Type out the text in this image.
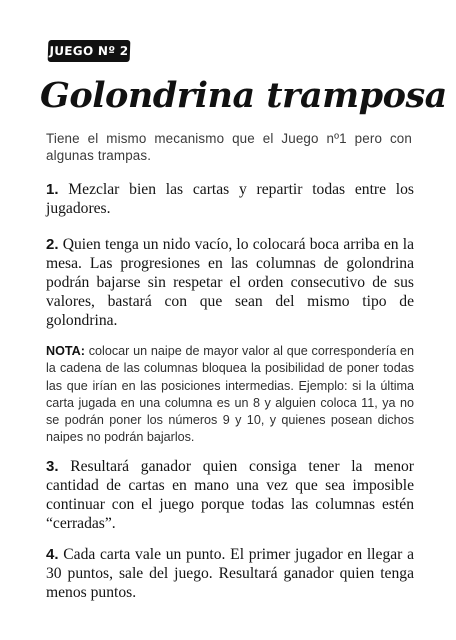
JUEGO Nº 2
Golondrina tramposa
Tiene el mismo mecanismo que el Juego nº1 pero con algunas trampas.
1. Mezclar bien las cartas y repartir todas entre los jugadores.
2. Quien tenga un nido vacío, lo colocará boca arriba en la mesa. Las progresiones en las columnas de golondrina podrán bajarse sin respetar el orden consecutivo de sus valores, bastará con que sean del mismo tipo de golondrina.
NOTA: colocar un naipe de mayor valor al que correspondería en la cadena de las columnas bloquea la posibilidad de poner todas las que irían en las posiciones intermedias. Ejemplo: si la última carta jugada en una columna es un 8 y alguien coloca 11, ya no se podrán poner los números 9 y 10, y quienes posean dichos naipes no podrán bajarlos.
3. Resultará ganador quien consiga tener la menor cantidad de cartas en mano una vez que sea imposible continuar con el juego porque todas las columnas estén “cerradas”.
4. Cada carta vale un punto. El primer jugador en llegar a 30 puntos, sale del juego. Resultará ganador quien tenga menos puntos.
